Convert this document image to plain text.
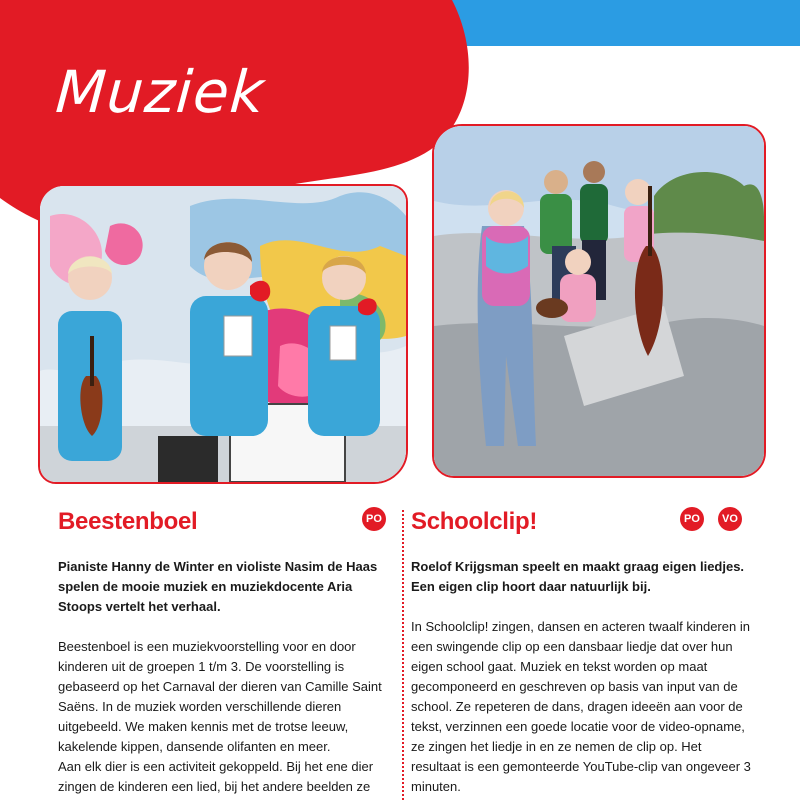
Muziek
Beestenboel	PO

Pianiste Hanny de Winter en violiste Nasim de Haas spelen de mooie muziek en muziekdocente Aria Stoops vertelt het verhaal.

Beestenboel is een muziekvoorstelling voor en door kinderen uit de groepen 1 t/m 3. De voorstelling is gebaseerd op het Carnaval der dieren van Camille Saint Saëns. In de muziek worden verschillende dieren uitgebeeld. We maken kennis met de trotse leeuw, kakelende kippen, dansende olifanten en meer.

Aan elk dier is een activiteit gekoppeld. Bij het ene dier zingen de kinderen een lied, bij het andere beelden ze

Schoolclip!	PO	VO

Roelof Krijgsman speelt en maakt graag eigen liedjes. Een eigen clip hoort daar natuurlijk bij.

In Schoolclip! zingen, dansen en acteren twaalf kinderen in een swingende clip op een dansbaar liedje dat over hun eigen school gaat. Muziek en tekst worden op maat gecomponeerd en geschreven op basis van input van de school. Ze repeteren de dans, dragen ideeën aan voor de tekst, verzinnen een goede locatie voor de video-opname, ze zingen het liedje in en ze nemen de clip op. Het resultaat is een gemonteerde YouTube-clip van ongeveer 3 minuten.
